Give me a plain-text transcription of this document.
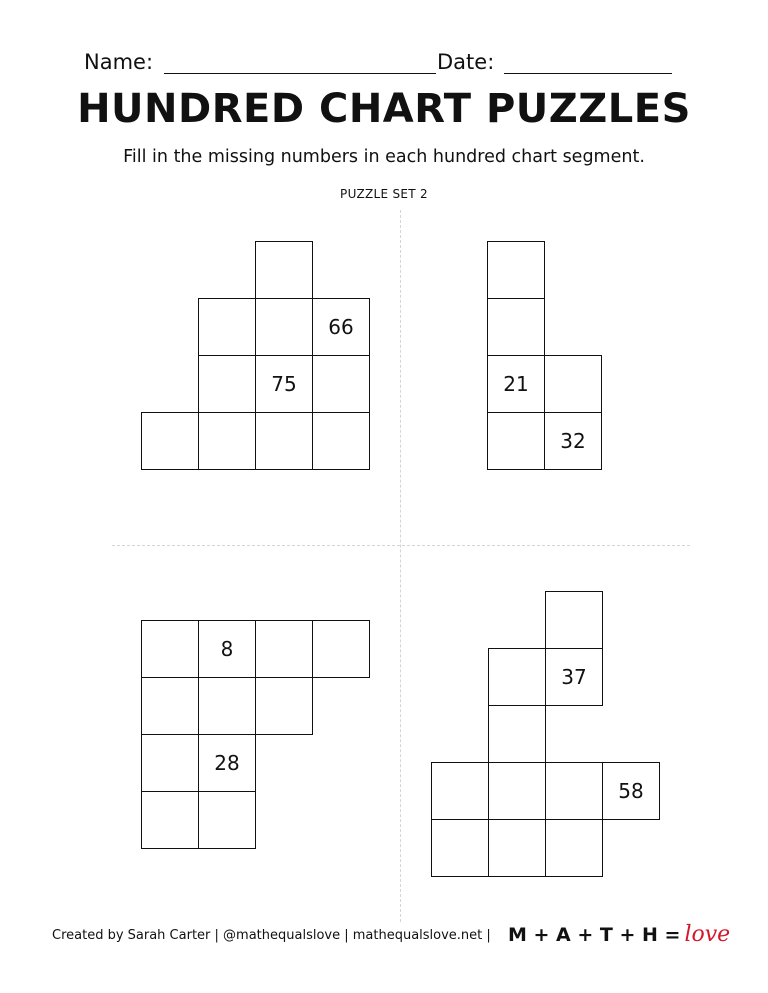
Name:	Date:
HUNDRED CHART PUZZLES
Fill in the missing numbers in each hundred chart segment.
PUZZLE SET 2
66
75	21
32
8
28
37
58
Created by Sarah Carter | @mathequalslove | mathequalslove.net | M + A + T + H = love
